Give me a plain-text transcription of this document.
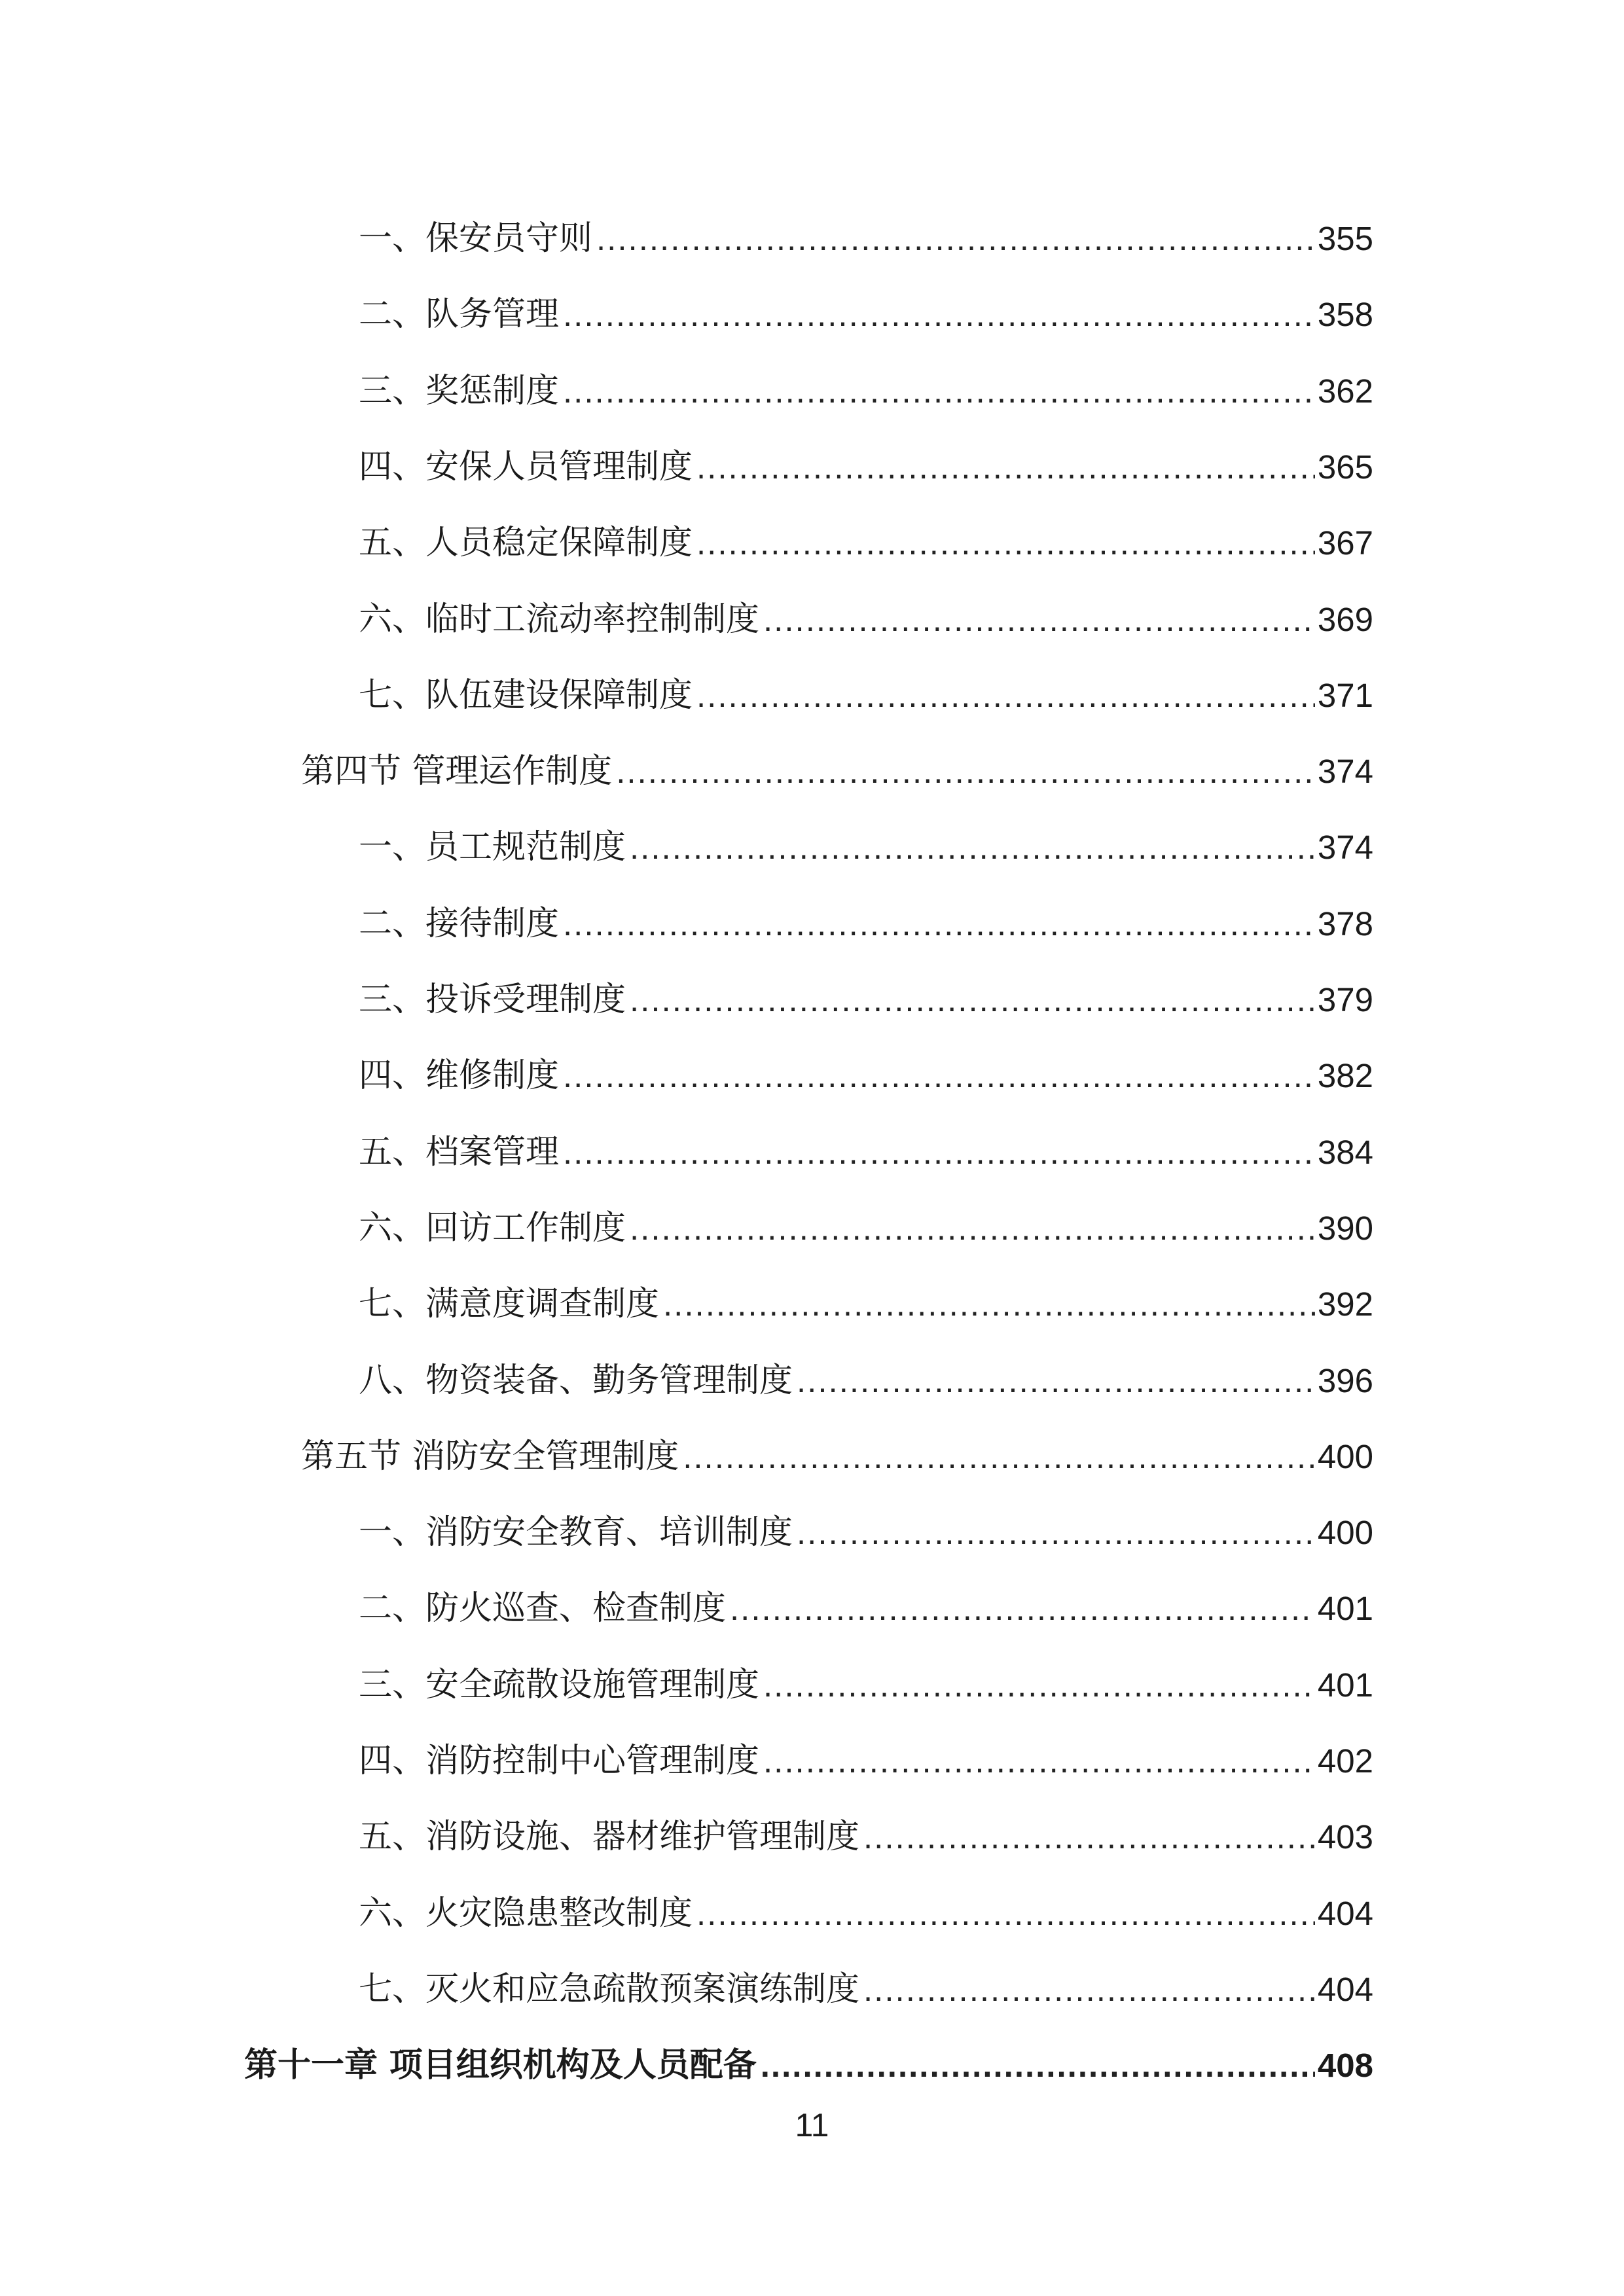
一、保安员守则 .....	355
二、队务管理 .....	358
三、奖惩制度 .....	362
四、安保人员管理制度 .....	365
五、人员稳定保障制度 .....	367
六、临时工流动率控制制度 .....	369
七、队伍建设保障制度 .....	371
第四节 管理运作制度 .....	374
一、员工规范制度 .....	374
二、接待制度 .....	378
三、投诉受理制度 .....	379
四、维修制度 .....	382
五、档案管理 .....	384
六、回访工作制度 .....	390
七、满意度调查制度 .....	392
八、物资装备、勤务管理制度 .....	396
第五节 消防安全管理制度 .....	400
一、消防安全教育、培训制度 .....	400
二、防火巡查、检查制度 .....	401
三、安全疏散设施管理制度 .....	401
四、消防控制中心管理制度 .....	402
五、消防设施、器材维护管理制度 .....	403
六、火灾隐患整改制度 .....	404
七、灭火和应急疏散预案演练制度 .....	404
第十一章 项目组织机构及人员配备 .....	408
11
